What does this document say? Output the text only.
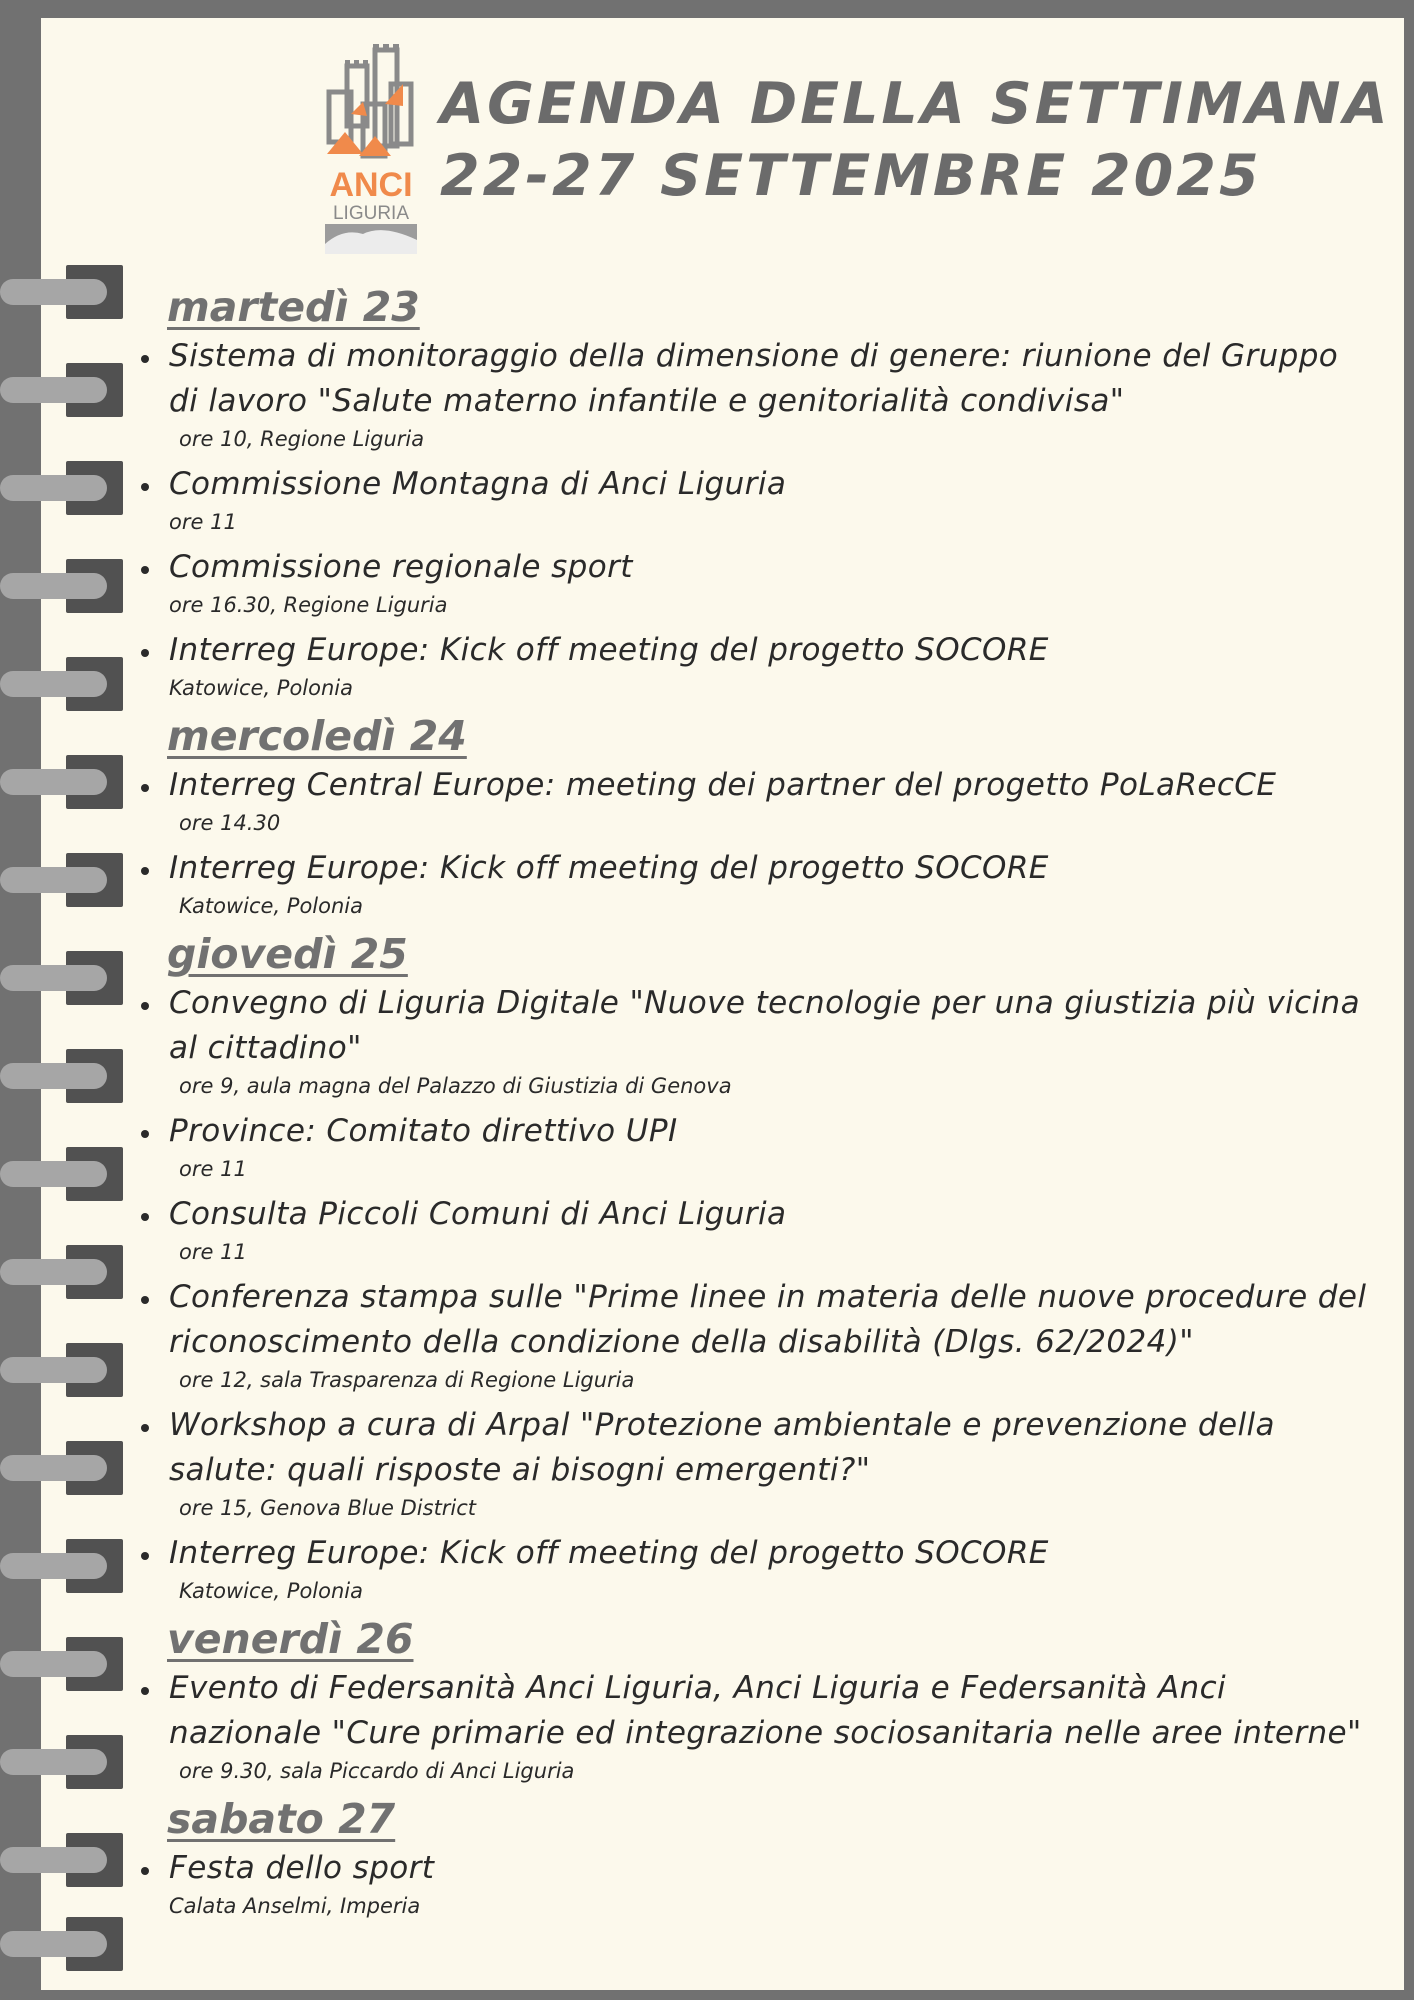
ANCI
LIGURIA
AGENDA DELLA SETTIMANA
22-27 SETTEMBRE 2025
martedì 23
Sistema di monitoraggio della dimensione di genere: riunione del Gruppo di lavoro "Salute materno infantile e genitorialità condivisa"
ore 10, Regione Liguria
Commissione Montagna di Anci Liguria
ore 11
Commissione regionale sport
ore 16.30, Regione Liguria
Interreg Europe: Kick off meeting del progetto SOCORE
Katowice, Polonia
mercoledì 24
Interreg Central Europe: meeting dei partner del progetto PoLaRecCE
ore 14.30
Interreg Europe: Kick off meeting del progetto SOCORE
Katowice, Polonia
giovedì 25
Convegno di Liguria Digitale "Nuove tecnologie per una giustizia più vicina al cittadino"
ore 9, aula magna del Palazzo di Giustizia di Genova
Province: Comitato direttivo UPI
ore 11
Consulta Piccoli Comuni di Anci Liguria
ore 11
Conferenza stampa sulle "Prime linee in materia delle nuove procedure del riconoscimento della condizione della disabilità (Dlgs. 62/2024)"
ore 12, sala Trasparenza di Regione Liguria
Workshop a cura di Arpal "Protezione ambientale e prevenzione della salute: quali risposte ai bisogni emergenti?"
ore 15, Genova Blue District
Interreg Europe: Kick off meeting del progetto SOCORE
Katowice, Polonia
venerdì 26
Evento di Federsanità Anci Liguria, Anci Liguria e Federsanità Anci nazionale "Cure primarie ed integrazione sociosanitaria nelle aree interne"
ore 9.30, sala Piccardo di Anci Liguria
sabato 27
Festa dello sport
Calata Anselmi, Imperia
